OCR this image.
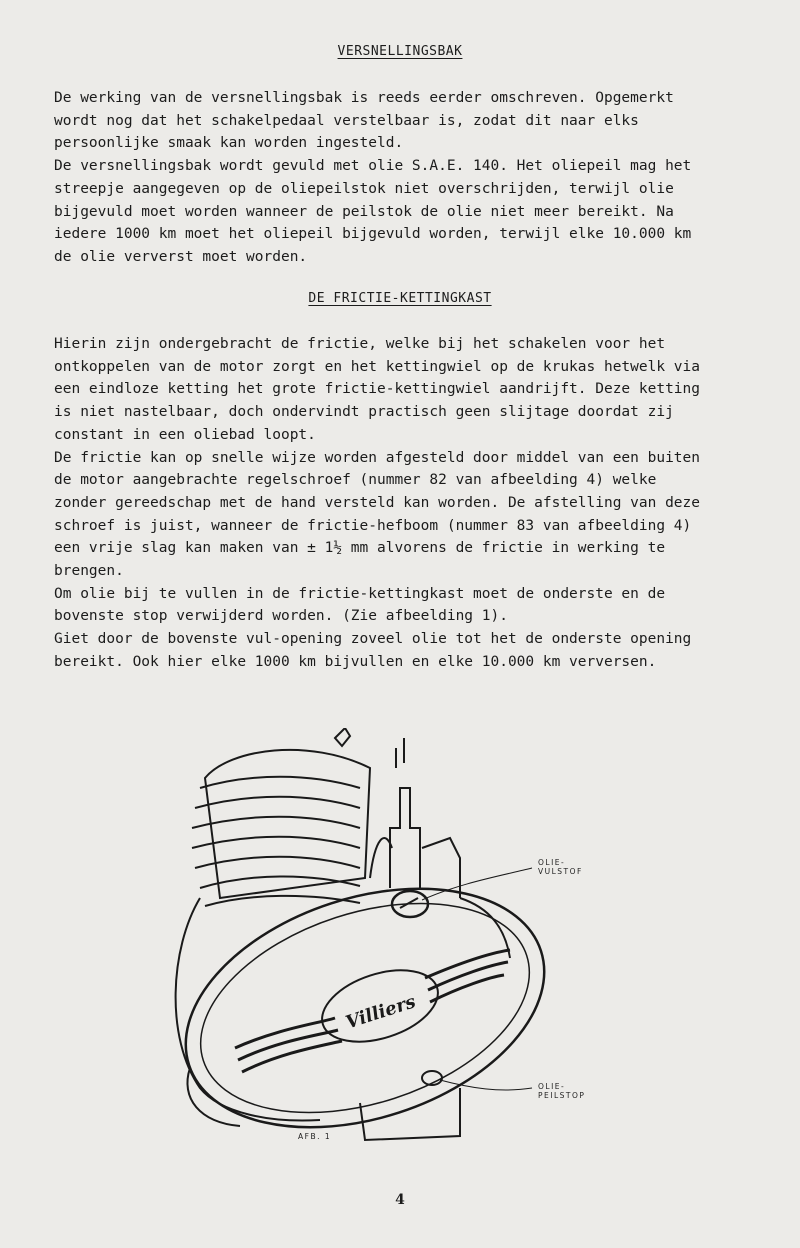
VERSNELLINGSBAK

De werking van de versnellingsbak is reeds eerder omschreven. Opgemerkt wordt nog dat het schakelpedaal verstelbaar is, zodat dit naar elks persoonlijke smaak kan worden ingesteld.

De versnellingsbak wordt gevuld met olie S.A.E. 140. Het oliepeil mag het streepje aangegeven op de oliepeilstok niet overschrijden, terwijl olie bijgevuld moet worden wanneer de peilstok de olie niet meer bereikt. Na iedere 1000 km moet het oliepeil bijgevuld worden, terwijl elke 10.000 km de olie ververst moet worden.

DE FRICTIE-KETTINGKAST

Hierin zijn ondergebracht de frictie, welke bij het schakelen voor het ontkoppelen van de motor zorgt en het kettingwiel op de krukas hetwelk via een eindloze ketting het grote frictie-kettingwiel aandrijft. Deze ketting is niet nastelbaar, doch ondervindt practisch geen slijtage doordat zij constant in een oliebad loopt.

De frictie kan op snelle wijze worden afgesteld door middel van een buiten de motor aangebrachte regelschroef (nummer 82 van afbeelding 4) welke zonder gereedschap met de hand versteld kan worden. De afstelling van deze schroef is juist, wanneer de frictie-hefboom (nummer 83 van afbeelding 4) een vrije slag kan maken van ± 1½ mm alvorens de frictie in werking te brengen.

Om olie bij te vullen in de frictie-kettingkast moet de onderste en de bovenste stop verwijderd worden. (Zie afbeelding 1).

Giet door de bovenste vul-opening zoveel olie tot het de onderste opening bereikt. Ook hier elke 1000 km bijvullen en elke 10.000 km verversen.

Villiers
OLIE-
VULSTOF
OLIE-
PEILSTOP
AFB. 1
4
